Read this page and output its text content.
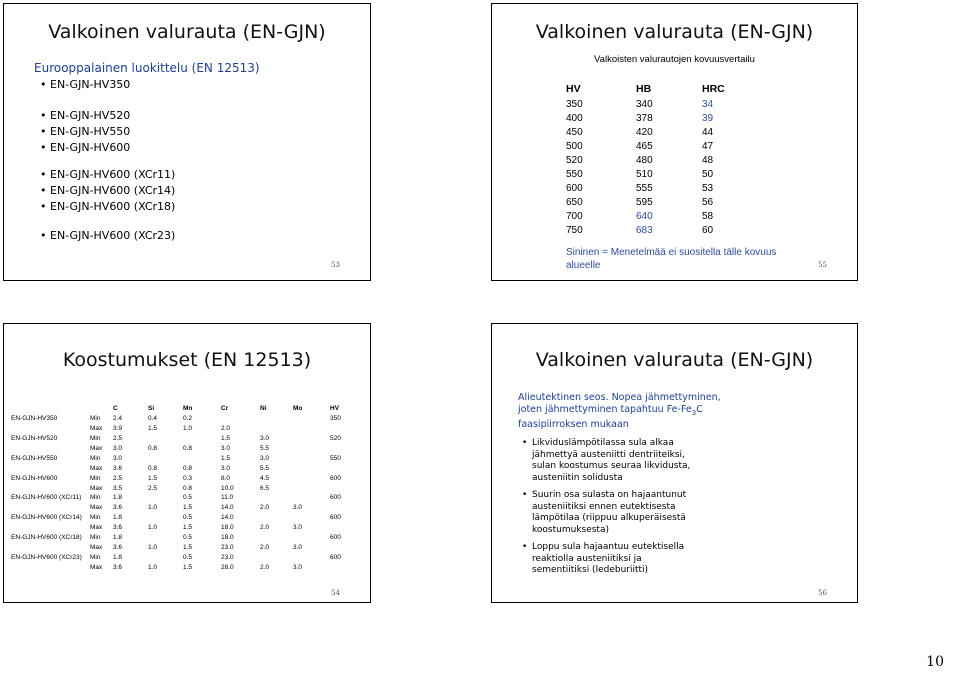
Valkoinen valurauta (EN-GJN)
Eurooppalainen luokittelu (EN 12513)
• EN-GJN-HV350
• EN-GJN-HV520
• EN-GJN-HV550
• EN-GJN-HV600
• EN-GJN-HV600 (XCr11)
• EN-GJN-HV600 (XCr14)
• EN-GJN-HV600 (XCr18)
• EN-GJN-HV600 (XCr23)
53
Valkoinen valurauta (EN-GJN)
Valkoisten valurautojen kovuusvertailu
HV	HB	HRC
350	340	34
400	378	39
450	420	44
500	465	47
520	480	48
550	510	50
600	555	53
650	595	56
700	640	58
750	683	60
Sininen = Menetelmää ei suositella tälle kovuus alueelle	55
Koostumukset (EN 12513)
		C	Si	Mn	Cr	Ni	Mo	HV
EN-GJN-HV350	Min	2.4	0.4	0.2				350
	Max	3.9	1.5	1.0	2.0			
EN-GJN-HV520	Min	2.5			1.5	3.0		520
	Max	3.0	0.8	0.8	3.0	5.5		
EN-GJN-HV550	Min	3.0			1.5	3.0		550
	Max	3.6	0.8	0.8	3.0	5.5		
EN-GJN-HV600	Min	2.5	1.5	0.3	8.0	4.5		600
	Max	3.5	2.5	0.8	10.0	6.5		
EN-GJN-HV600 (XCr11)	Min	1.8		0.5	11.0			600
	Max	3.6	1.0	1.5	14.0	2.0	3.0	
EN-GJN-HV600 (XCr14)	Min	1.8		0.5	14.0			600
	Max	3.6	1.0	1.5	18.0	2.0	3.0	
EN-GJN-HV600 (XCr18)	Min	1.8		0.5	18.0			600
	Max	3.6	1.0	1.5	23.0	2.0	3.0	
EN-GJN-HV600 (XCr23)	Min	1.8		0.5	23.0			600
	Max	3.6	1.0	1.5	28.0	2.0	3.0	
54
Valkoinen valurauta (EN-GJN)
Alieutektinen seos. Nopea jähmettyminen, joten jähmettyminen tapahtuu $Fe-Fe_3C$ faasipiirroksen mukaan
• Likviduslämpötilassa sula alkaa jähmettyä austeniitti dentriiteiksi, sulan koostumus seuraa likvidusta, austeniitin solidusta
• Suurin osa sulasta on hajaantunut austeniitiksi ennen eutektisesta lämpötilaa (riippuu alkuperäisestä koostumuksesta)
• Loppu sula hajaantuu eutektisella reaktiolla austeniitiksi ja sementiitiksi (ledeburiitti)
56
10
